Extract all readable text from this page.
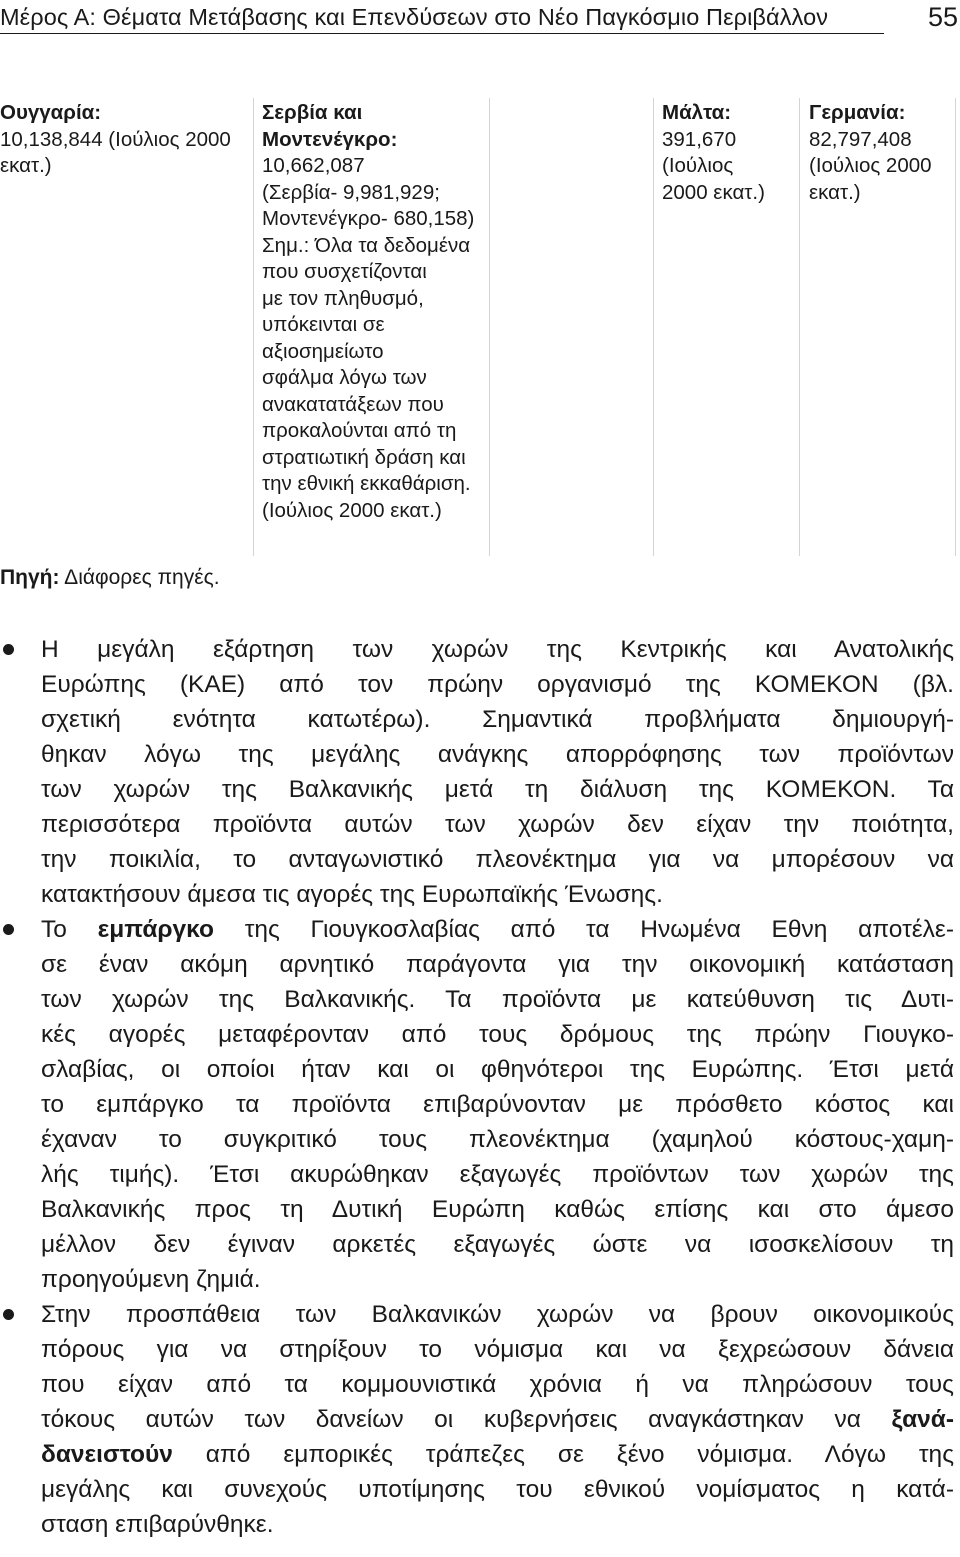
Μέρος Α: Θέματα Μετάβασης και Επενδύσεων στο Νέο Παγκόσμιο Περιβάλλον	55
Ουγγαρία:
10,138,844 (Ιούλιος 2000
εκατ.)
Σερβία και
Μοντενέγκρο:
10,662,087
(Σερβία- 9,981,929;
Μοντενέγκρο- 680,158)
Σημ.: Όλα τα δεδομένα
που συσχετίζονται
με τον πληθυσμό,
υπόκεινται σε
αξιοσημείωτο
σφάλμα λόγω των
ανακατατάξεων που
προκαλούνται από τη
στρατιωτική δράση και
την εθνική εκκαθάριση.
(Ιούλιος 2000 εκατ.)
Μάλτα:
391,670
(Ιούλιος
2000 εκατ.)
Γερμανία:
82,797,408
(Ιούλιος 2000
εκατ.)
Πηγή: Διάφορες πηγές.
Η μεγάλη εξάρτηση των χωρών της Κεντρικής και Ανατολικής
Ευρώπης (ΚΑΕ) από τον πρώην οργανισμό της ΚΟΜΕΚΟΝ (βλ.
σχετική ενότητα κατωτέρω). Σημαντικά προβλήματα δημιουργή-
θηκαν λόγω της μεγάλης ανάγκης απορρόφησης των προϊόντων
των χωρών της Βαλκανικής μετά τη διάλυση της ΚΟΜΕΚΟΝ. Τα
περισσότερα προϊόντα αυτών των χωρών δεν είχαν την ποιότητα,
την ποικιλία, το ανταγωνιστικό πλεονέκτημα για να μπορέσουν να
κατακτήσουν άμεσα τις αγορές της Ευρωπαϊκής Ένωσης.
Το εμπάργκο της Γιουγκοσλαβίας από τα Ηνωμένα Εθνη αποτέλε-
σε έναν ακόμη αρνητικό παράγοντα για την οικονομική κατάσταση
των χωρών της Βαλκανικής. Τα προϊόντα με κατεύθυνση τις Δυτι-
κές αγορές μεταφέρονταν από τους δρόμους της πρώην Γιουγκο-
σλαβίας, οι οποίοι ήταν και οι φθηνότεροι της Ευρώπης. Έτσι μετά
το εμπάργκο τα προϊόντα επιβαρύνονταν με πρόσθετο κόστος και
έχαναν το συγκριτικό τους πλεονέκτημα (χαμηλού κόστους-χαμη-
λής τιμής). Έτσι ακυρώθηκαν εξαγωγές προϊόντων των χωρών της
Βαλκανικής προς τη Δυτική Ευρώπη καθώς επίσης και στο άμεσο
μέλλον δεν έγιναν αρκετές εξαγωγές ώστε να ισοσκελίσουν τη
προηγούμενη ζημιά.
Στην προσπάθεια των Βαλκανικών χωρών να βρουν οικονομικούς
πόρους για να στηρίξουν το νόμισμα και να ξεχρεώσουν δάνεια
που είχαν από τα κομμουνιστικά χρόνια ή να πληρώσουν τους
τόκους αυτών των δανείων οι κυβερνήσεις αναγκάστηκαν να ξανά-
δανειστούν από εμπορικές τράπεζες σε ξένο νόμισμα. Λόγω της
μεγάλης και συνεχούς υποτίμησης του εθνικού νομίσματος η κατά-
σταση επιβαρύνθηκε.
